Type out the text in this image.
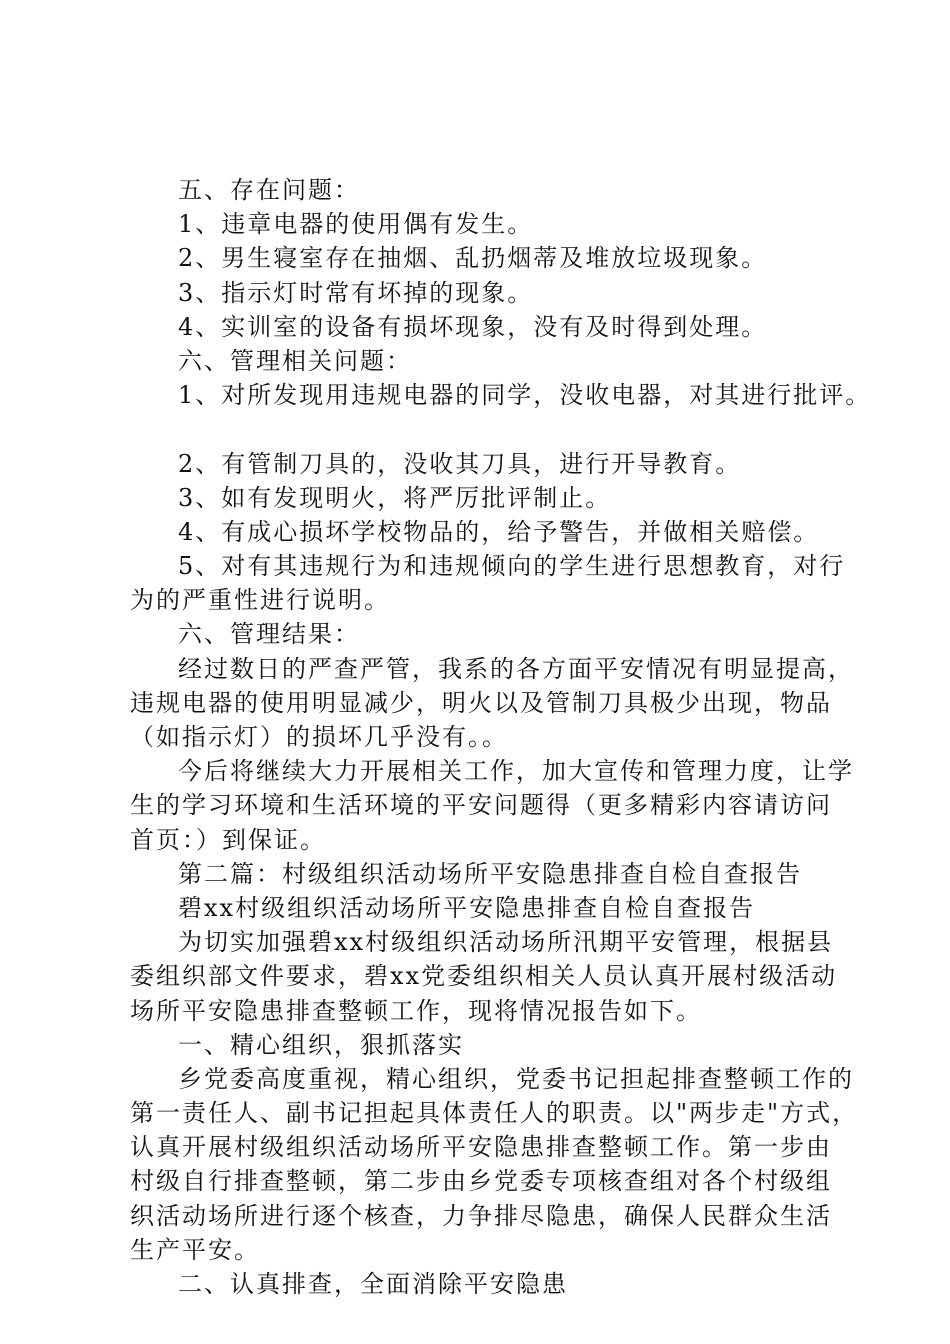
五、存在问题：
1、违章电器的使用偶有发生。
2、男生寝室存在抽烟、乱扔烟蒂及堆放垃圾现象。
3、指示灯时常有坏掉的现象。
4、实训室的设备有损坏现象，没有及时得到处理。
六、管理相关问题：
1、对所发现用违规电器的同学，没收电器，对其进行批评。
2、有管制刀具的，没收其刀具，进行开导教育。
3、如有发现明火，将严厉批评制止。
4、有成心损坏学校物品的，给予警告，并做相关赔偿。
5、对有其违规行为和违规倾向的学生进行思想教育，对行
为的严重性进行说明。
六、管理结果：
经过数日的严查严管，我系的各方面平安情况有明显提高，
违规电器的使用明显减少，明火以及管制刀具极少出现，物品
（如指示灯）的损坏几乎没有。。
今后将继续大力开展相关工作，加大宣传和管理力度，让学
生的学习环境和生活环境的平安问题得（更多精彩内容请访问
首页：）到保证。
第二篇：村级组织活动场所平安隐患排查自检自查报告
碧xx村级组织活动场所平安隐患排查自检自查报告
为切实加强碧xx村级组织活动场所汛期平安管理，根据县
委组织部文件要求，碧xx党委组织相关人员认真开展村级活动
场所平安隐患排查整顿工作，现将情况报告如下。
一、精心组织，狠抓落实
乡党委高度重视，精心组织，党委书记担起排查整顿工作的
第一责任人、副书记担起具体责任人的职责。以"两步走"方式，
认真开展村级组织活动场所平安隐患排查整顿工作。第一步由
村级自行排查整顿，第二步由乡党委专项核查组对各个村级组
织活动场所进行逐个核查，力争排尽隐患，确保人民群众生活
生产平安。
二、认真排查，全面消除平安隐患
